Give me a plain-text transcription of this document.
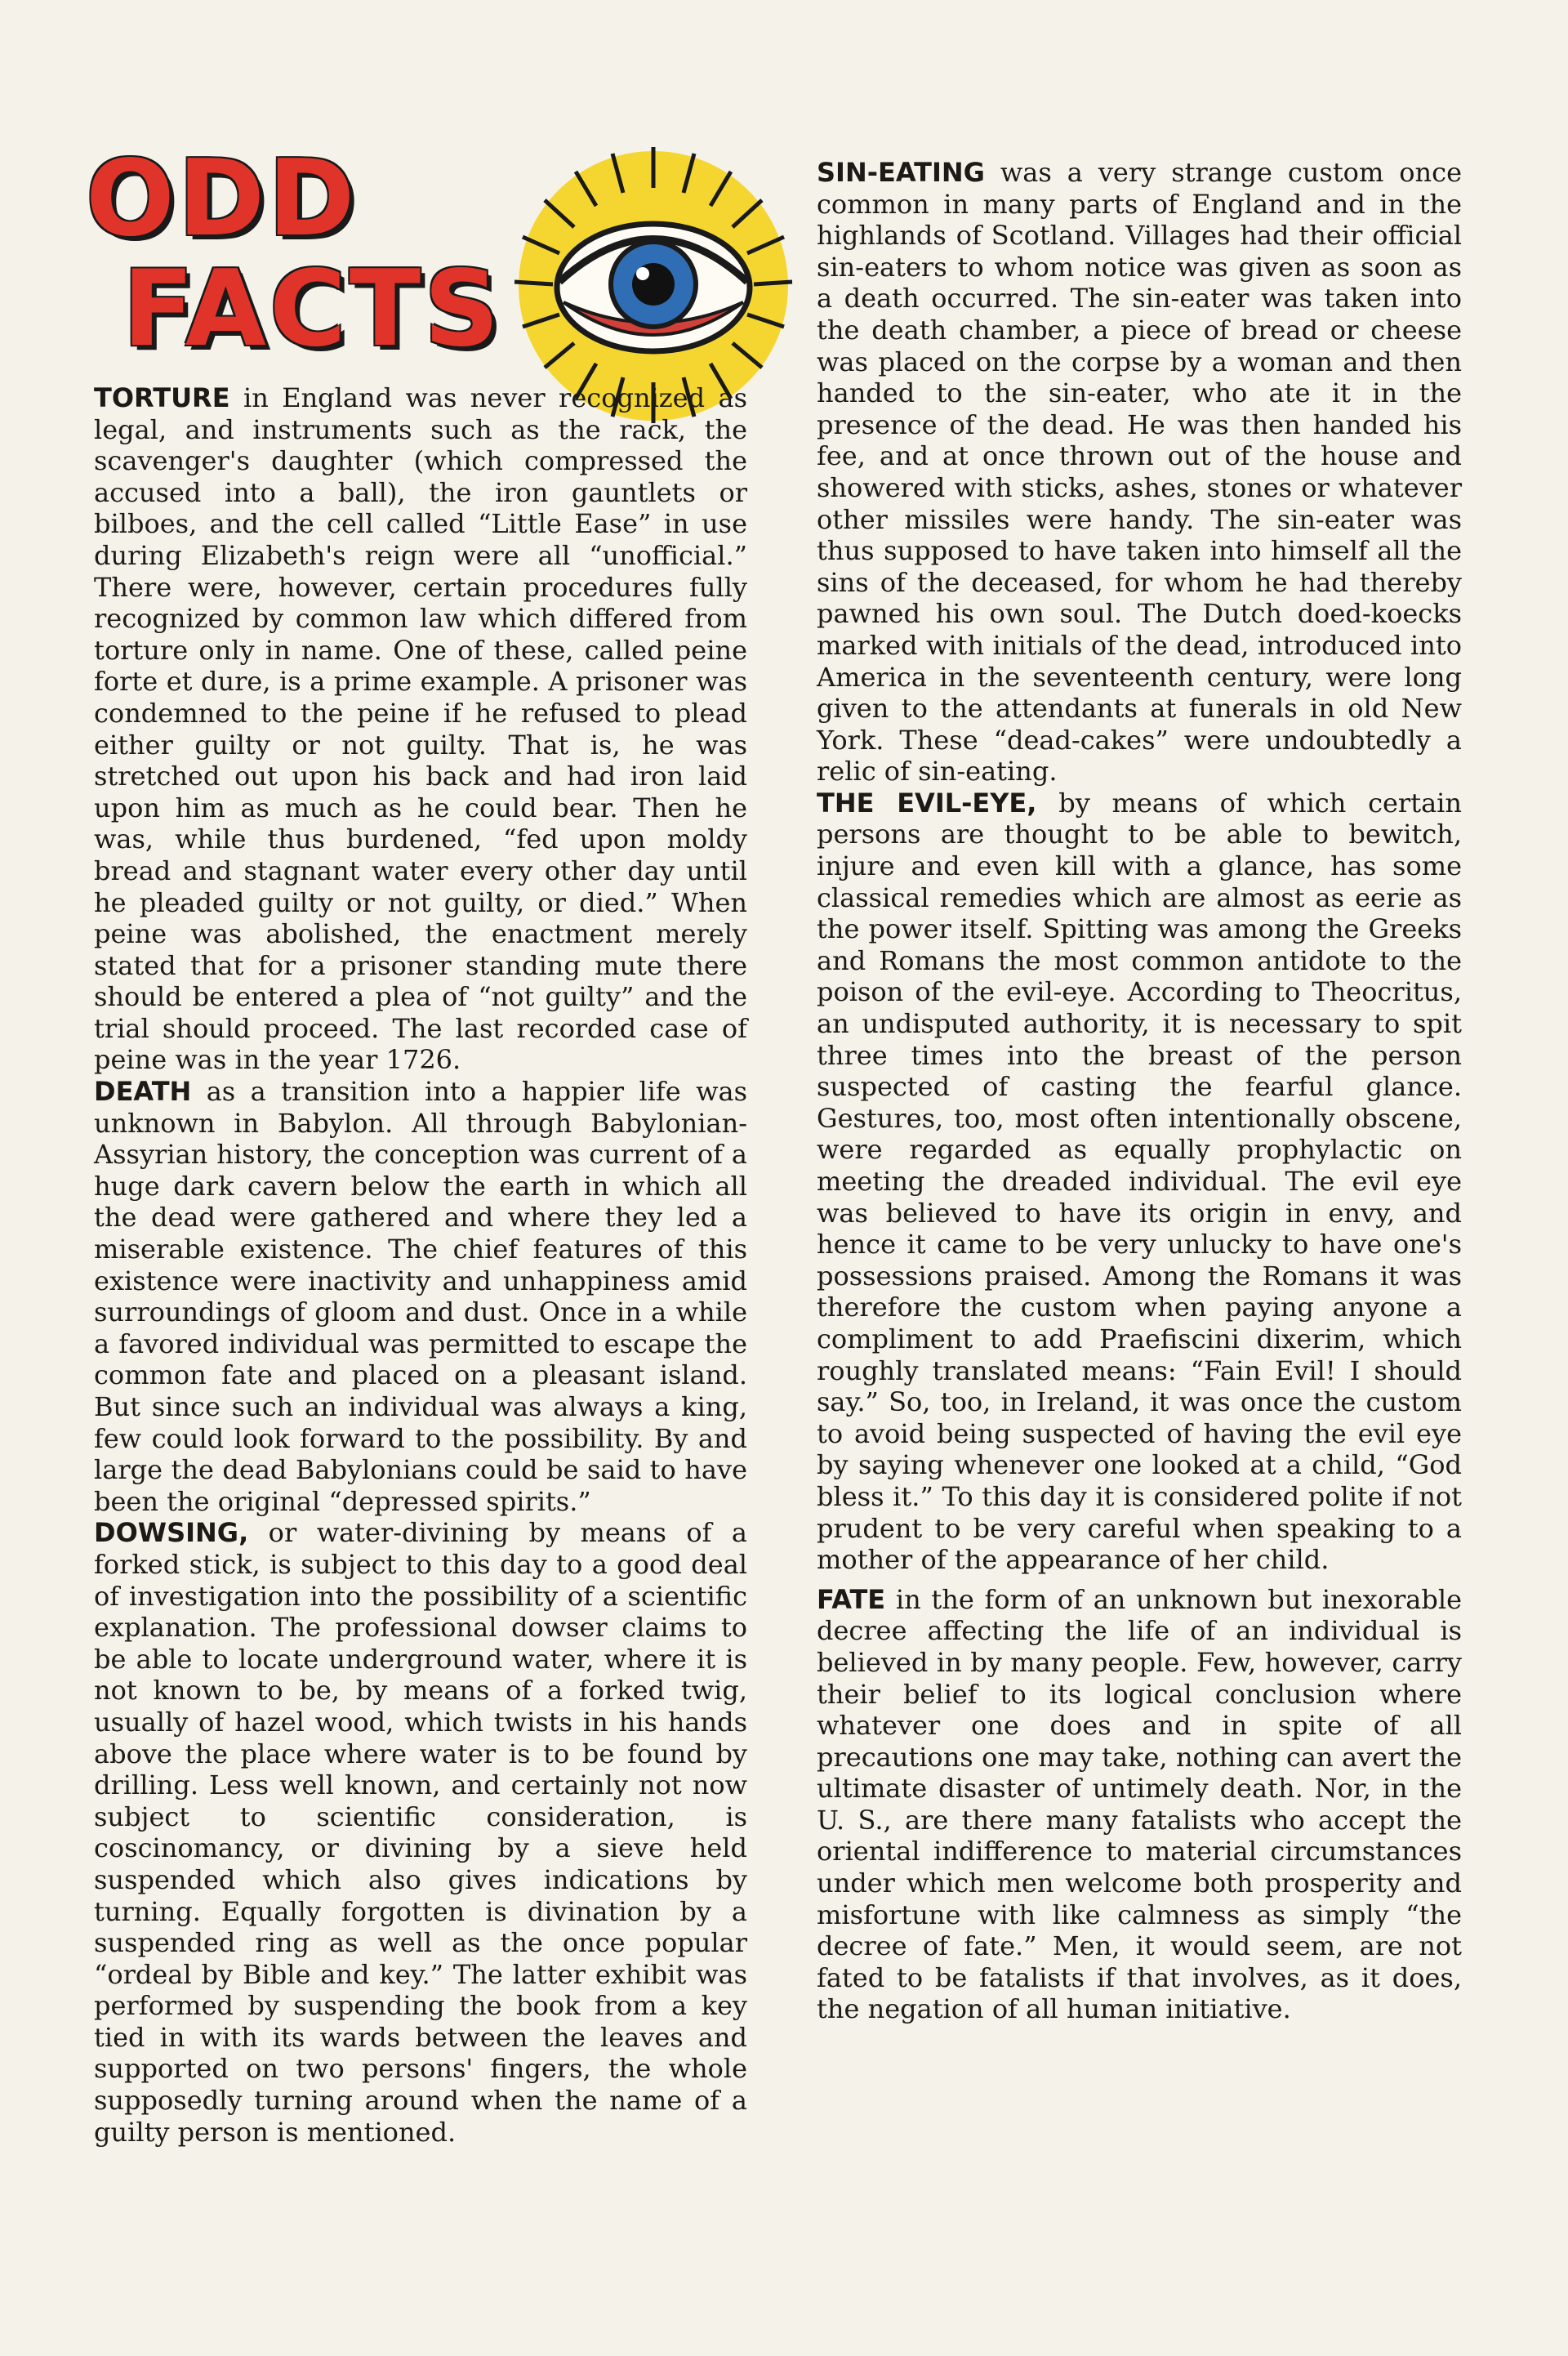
ODD
FACTS

TORTURE in England was never recognized as legal, and instruments such as the rack, the scavenger's daughter (which compressed the accused into a ball), the iron gauntlets or bilboes, and the cell called “Little Ease” in use during Elizabeth's reign were all “unofficial.” There were, however, certain procedures fully recognized by common law which differed from torture only in name. One of these, called peine forte et dure, is a prime example. A prisoner was condemned to the peine if he refused to plead either guilty or not guilty. That is, he was stretched out upon his back and had iron laid upon him as much as he could bear. Then he was, while thus burdened, “fed upon moldy bread and stagnant water every other day until he pleaded guilty or not guilty, or died.” When peine was abolished, the enactment merely stated that for a prisoner standing mute there should be entered a plea of “not guilty” and the trial should proceed. The last recorded case of peine was in the year 1726.

DEATH as a transition into a happier life was unknown in Babylon. All through Babylonian-Assyrian history, the conception was current of a huge dark cavern below the earth in which all the dead were gathered and where they led a miserable existence. The chief features of this existence were inactivity and unhappiness amid surroundings of gloom and dust. Once in a while a favored individual was permitted to escape the common fate and placed on a pleasant island. But since such an individual was always a king, few could look forward to the possibility. By and large the dead Babylonians could be said to have been the original “depressed spirits.”

DOWSING, or water-divining by means of a forked stick, is subject to this day to a good deal of investigation into the possibility of a scientific explanation. The professional dowser claims to be able to locate underground water, where it is not known to be, by means of a forked twig, usually of hazel wood, which twists in his hands above the place where water is to be found by drilling. Less well known, and certainly not now subject to scientific consideration, is coscinomancy, or divining by a sieve held suspended which also gives indications by turning. Equally forgotten is divination by a suspended ring as well as the once popular “ordeal by Bible and key.” The latter exhibit was performed by suspending the book from a key tied in with its wards between the leaves and supported on two persons' fingers, the whole supposedly turning around when the name of a guilty person is mentioned.

SIN-EATING was a very strange custom once common in many parts of England and in the highlands of Scotland. Villages had their official sin-eaters to whom notice was given as soon as a death occurred. The sin-eater was taken into the death chamber, a piece of bread or cheese was placed on the corpse by a woman and then handed to the sin-eater, who ate it in the presence of the dead. He was then handed his fee, and at once thrown out of the house and showered with sticks, ashes, stones or whatever other missiles were handy. The sin-eater was thus supposed to have taken into himself all the sins of the deceased, for whom he had thereby pawned his own soul. The Dutch doed-koecks marked with initials of the dead, introduced into America in the seventeenth century, were long given to the attendants at funerals in old New York. These “dead-cakes” were undoubtedly a relic of sin-eating.

THE EVIL-EYE, by means of which certain persons are thought to be able to bewitch, injure and even kill with a glance, has some classical remedies which are almost as eerie as the power itself. Spitting was among the Greeks and Romans the most common antidote to the poison of the evil-eye. According to Theocritus, an undisputed authority, it is necessary to spit three times into the breast of the person suspected of casting the fearful glance. Gestures, too, most often intentionally obscene, were regarded as equally prophylactic on meeting the dreaded individual. The evil eye was believed to have its origin in envy, and hence it came to be very unlucky to have one's possessions praised. Among the Romans it was therefore the custom when paying anyone a compliment to add Praefiscini dixerim, which roughly translated means: “Fain Evil! I should say.” So, too, in Ireland, it was once the custom to avoid being suspected of having the evil eye by saying whenever one looked at a child, “God bless it.” To this day it is considered polite if not prudent to be very careful when speaking to a mother of the appearance of her child.

FATE in the form of an unknown but inexorable decree affecting the life of an individual is believed in by many people. Few, however, carry their belief to its logical conclusion where whatever one does and in spite of all precautions one may take, nothing can avert the ultimate disaster of untimely death. Nor, in the U. S., are there many fatalists who accept the oriental indifference to material circumstances under which men welcome both prosperity and misfortune with like calmness as simply “the decree of fate.” Men, it would seem, are not fated to be fatalists if that involves, as it does, the negation of all human initiative.
